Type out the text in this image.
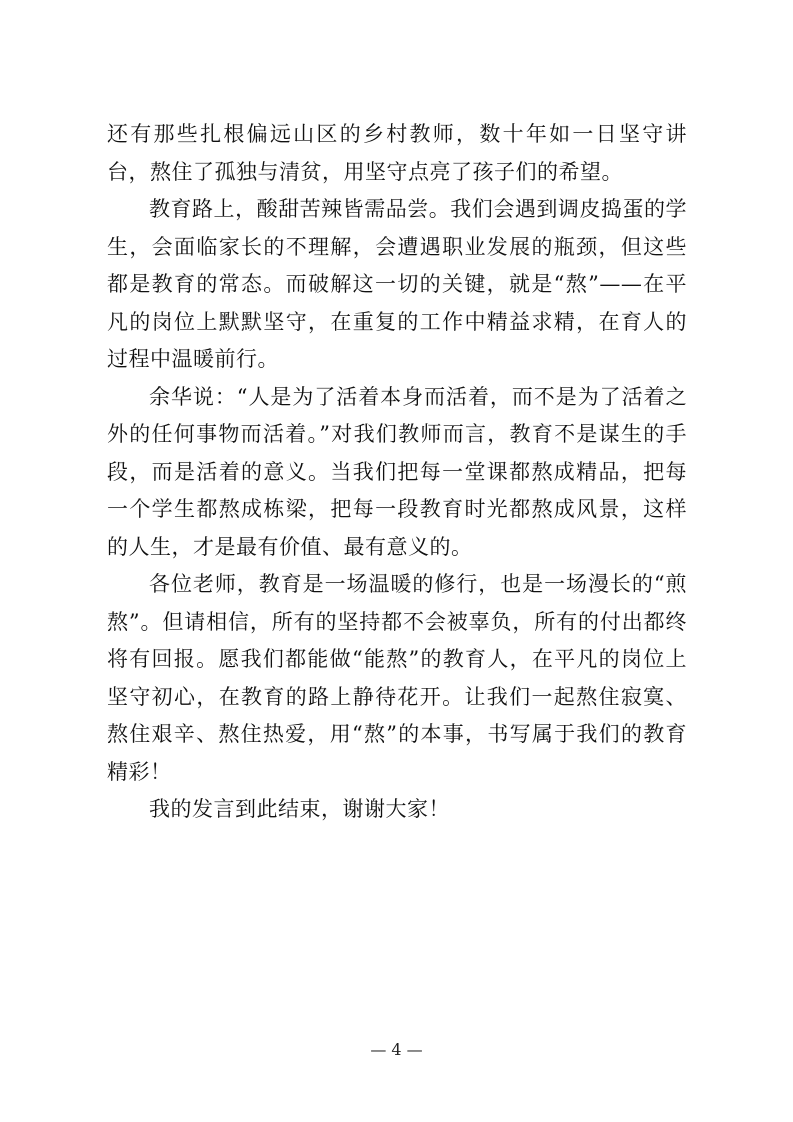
还有那些扎根偏远山区的乡村教师，数十年如一日坚守讲台，熬住了孤独与清贫，用坚守点亮了孩子们的希望。

教育路上，酸甜苦辣皆需品尝。我们会遇到调皮捣蛋的学生，会面临家长的不理解，会遭遇职业发展的瓶颈，但这些都是教育的常态。而破解这一切的关键，就是“熬”——在平凡的岗位上默默坚守，在重复的工作中精益求精，在育人的过程中温暖前行。

余华说：“人是为了活着本身而活着，而不是为了活着之外的任何事物而活着。”对我们教师而言，教育不是谋生的手段，而是活着的意义。当我们把每一堂课都熬成精品，把每一个学生都熬成栋梁，把每一段教育时光都熬成风景，这样的人生，才是最有价值、最有意义的。

各位老师，教育是一场温暖的修行，也是一场漫长的“煎熬”。但请相信，所有的坚持都不会被辜负，所有的付出都终将有回报。愿我们都能做“能熬”的教育人，在平凡的岗位上坚守初心，在教育的路上静待花开。让我们一起熬住寂寞、熬住艰辛、熬住热爱，用“熬”的本事，书写属于我们的教育精彩！

我的发言到此结束，谢谢大家！

— 4 —
